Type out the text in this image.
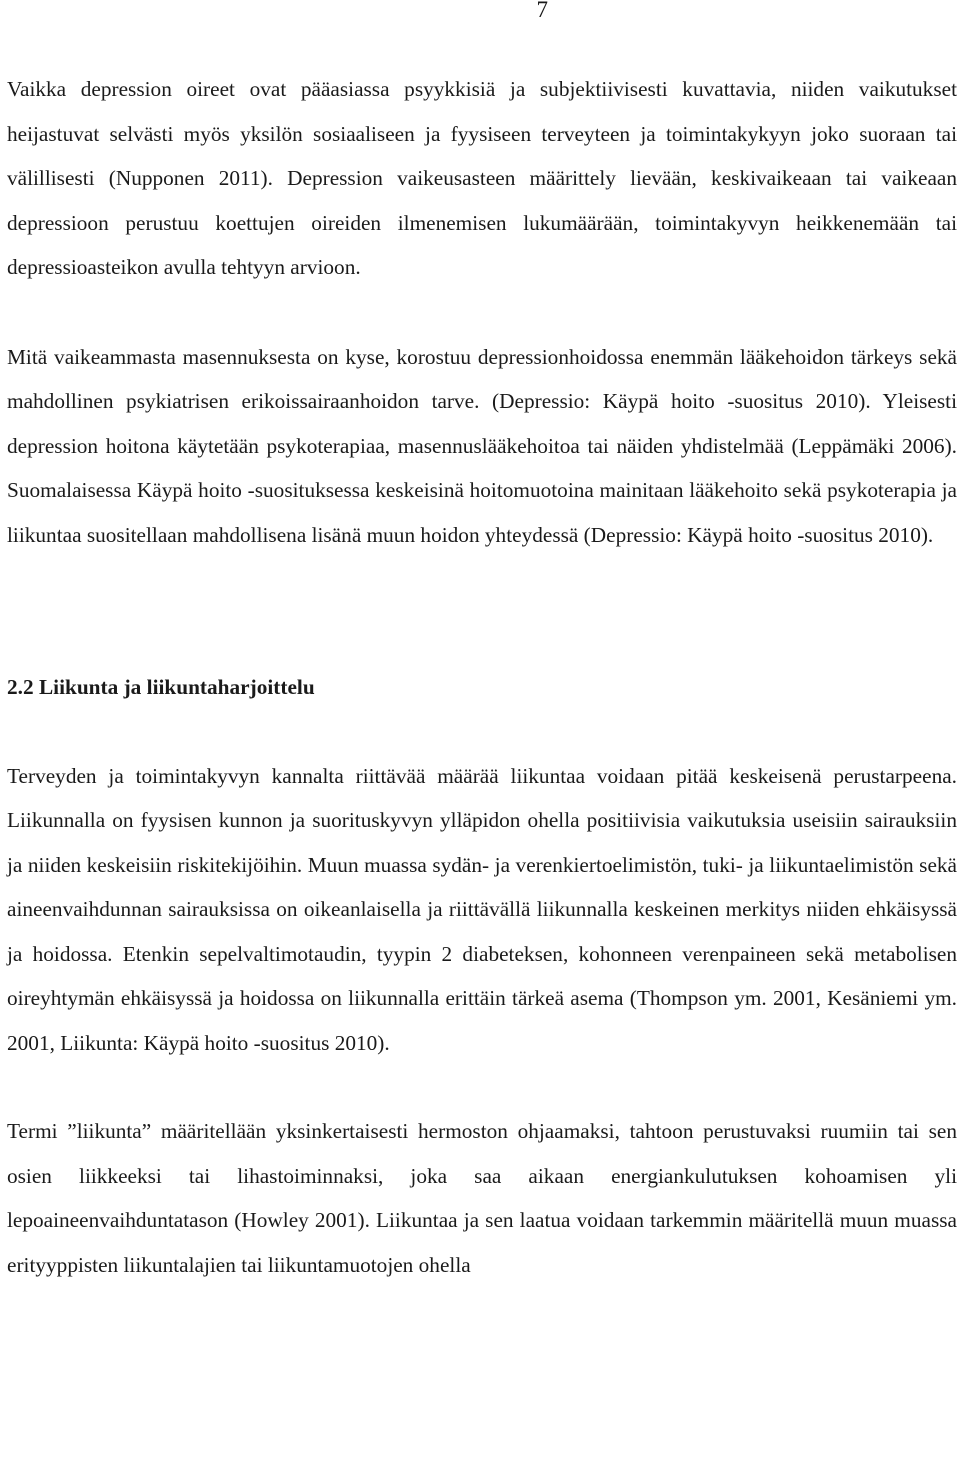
7

Vaikka depression oireet ovat pääasiassa psyykkisiä ja subjektiivisesti kuvattavia, niiden vaikutukset heijastuvat selvästi myös yksilön sosiaaliseen ja fyysiseen terveyteen ja toimintakykyyn joko suoraan tai välillisesti (Nupponen 2011). Depression vaikeusasteen määrittely lievään, keskivaikeaan tai vaikeaan depressioon perustuu koettujen oireiden ilmenemisen lukumäärään, toimintakyvyn heikkenemään tai depressioasteikon avulla tehtyyn arvioon.

Mitä vaikeammasta masennuksesta on kyse, korostuu depressionhoidossa enemmän lääkehoidon tärkeys sekä mahdollinen psykiatrisen erikoissairaanhoidon tarve. (Depressio: Käypä hoito -suositus 2010). Yleisesti depression hoitona käytetään psykoterapiaa, masennuslääkehoitoa tai näiden yhdistelmää (Leppämäki 2006). Suomalaisessa Käypä hoito -suosituksessa keskeisinä hoitomuotoina mainitaan lääkehoito sekä psykoterapia ja liikuntaa suositellaan mahdollisena lisänä muun hoidon yhteydessä (Depressio: Käypä hoito -suositus 2010).

2.2 Liikunta ja liikuntaharjoittelu

Terveyden ja toimintakyvyn kannalta riittävää määrää liikuntaa voidaan pitää keskeisenä perustarpeena. Liikunnalla on fyysisen kunnon ja suorituskyvyn ylläpidon ohella positiivisia vaikutuksia useisiin sairauksiin ja niiden keskeisiin riskitekijöihin. Muun muassa sydän- ja verenkiertoelimistön, tuki- ja liikuntaelimistön sekä aineenvaihdunnan sairauksissa on oikeanlaisella ja riittävällä liikunnalla keskeinen merkitys niiden ehkäisyssä ja hoidossa. Etenkin sepelvaltimotaudin, tyypin 2 diabeteksen, kohonneen verenpaineen sekä metabolisen oireyhtymän ehkäisyssä ja hoidossa on liikunnalla erittäin tärkeä asema (Thompson ym. 2001, Kesäniemi ym. 2001, Liikunta: Käypä hoito -suositus 2010).

Termi ”liikunta” määritellään yksinkertaisesti hermoston ohjaamaksi, tahtoon perustuvaksi ruumiin tai sen osien liikkeeksi tai lihastoiminnaksi, joka saa aikaan energiankulutuksen kohoamisen yli lepoaineenvaihduntatason (Howley 2001). Liikuntaa ja sen laatua voidaan tarkemmin määritellä muun muassa erityyppisten liikuntalajien tai liikuntamuotojen ohella
